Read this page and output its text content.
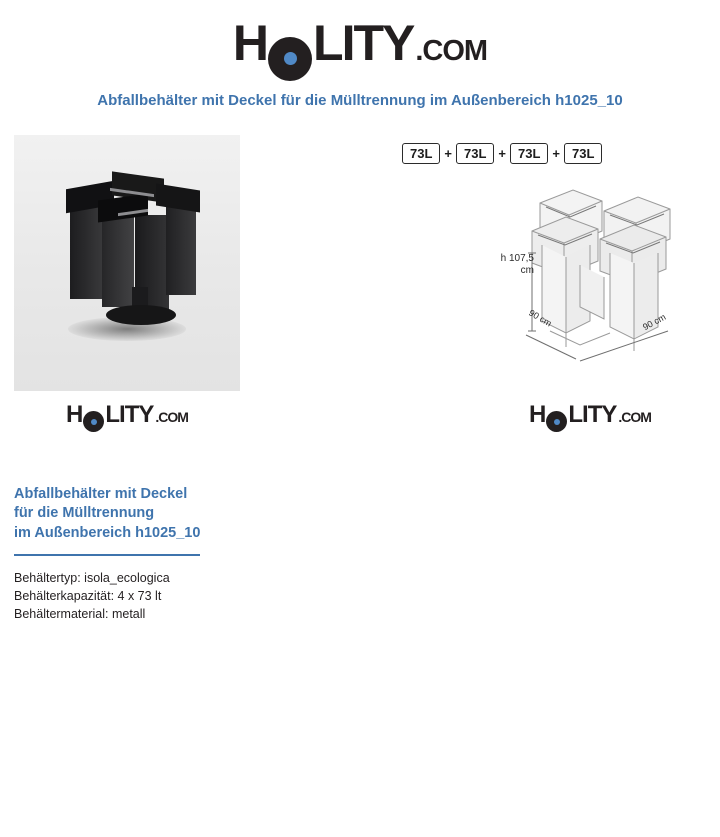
H LITY .COM
Abfallbehälter mit Deckel für die Mülltrennung im Außenbereich h1025_10
73L + 73L + 73L + 73L
h 107,5
cm
90 cm	90 cm
H LITY .COM	H LITY .COM
Abfallbehälter mit Deckel
für die Mülltrennung
im Außenbereich h1025_10
Behältertyp: isola_ecologica
Behälterkapazität: 4 x 73 lt
Behältermaterial: metall
